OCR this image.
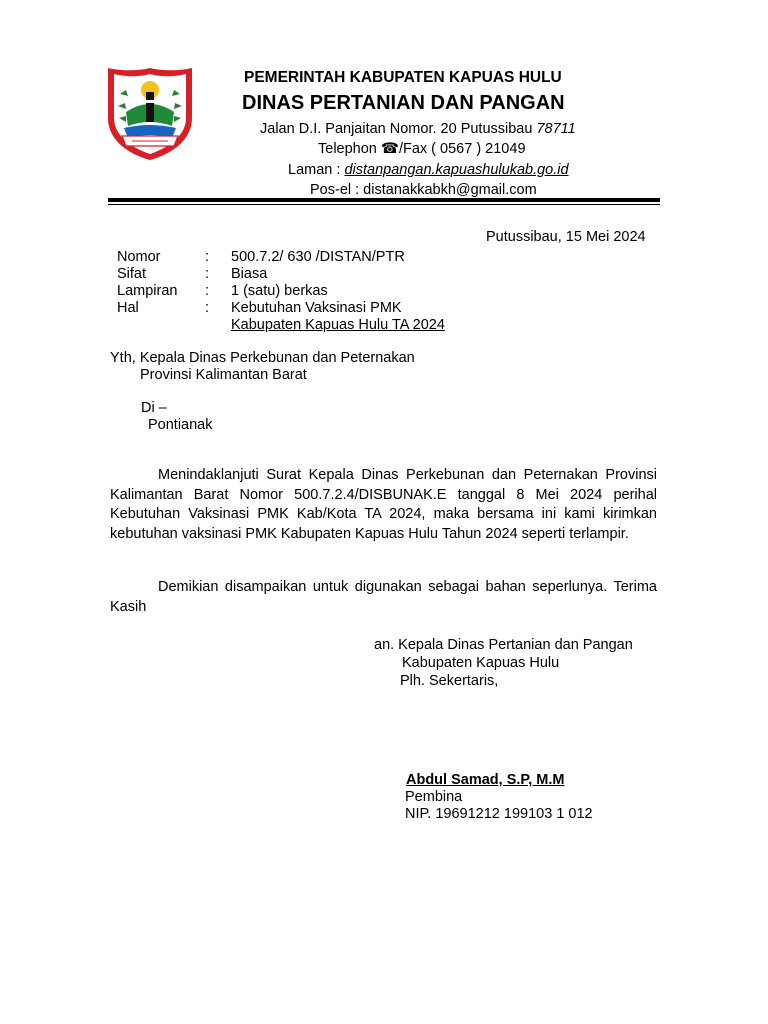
PEMERINTAH KABUPATEN KAPUAS HULU
DINAS PERTANIAN DAN PANGAN
Jalan D.I. Panjaitan Nomor. 20 Putussibau 78711
Telephon ☎/Fax ( 0567 ) 21049
Laman : distanpangan.kapuashulukab.go.id
Pos-el : distanakkabkh@gmail.com
Putussibau, 15 Mei 2024
Nomor	: 500.7.2/ 630 /DISTAN/PTR
Sifat	: Biasa
Lampiran : 1 (satu) berkas
Hal	: Kebutuhan Vaksinasi PMK
Kabupaten Kapuas Hulu TA 2024
Yth, Kepala Dinas Perkebunan dan Peternakan
Provinsi Kalimantan Barat
Di –
Pontianak

Menindaklanjuti Surat Kepala Dinas Perkebunan dan Peternakan Provinsi Kalimantan Barat Nomor 500.7.2.4/DISBUNAK.E tanggal 8 Mei 2024 perihal Kebutuhan Vaksinasi PMK Kab/Kota TA 2024, maka bersama ini kami kirimkan kebutuhan vaksinasi PMK Kabupaten Kapuas Hulu Tahun 2024 seperti terlampir.

Demikian disampaikan untuk digunakan sebagai bahan seperlunya. Terima Kasih

an. Kepala Dinas Pertanian dan Pangan
Kabupaten Kapuas Hulu
Plh. Sekertaris,
Abdul Samad, S.P, M.M
Pembina
NIP. 19691212 199103 1 012
